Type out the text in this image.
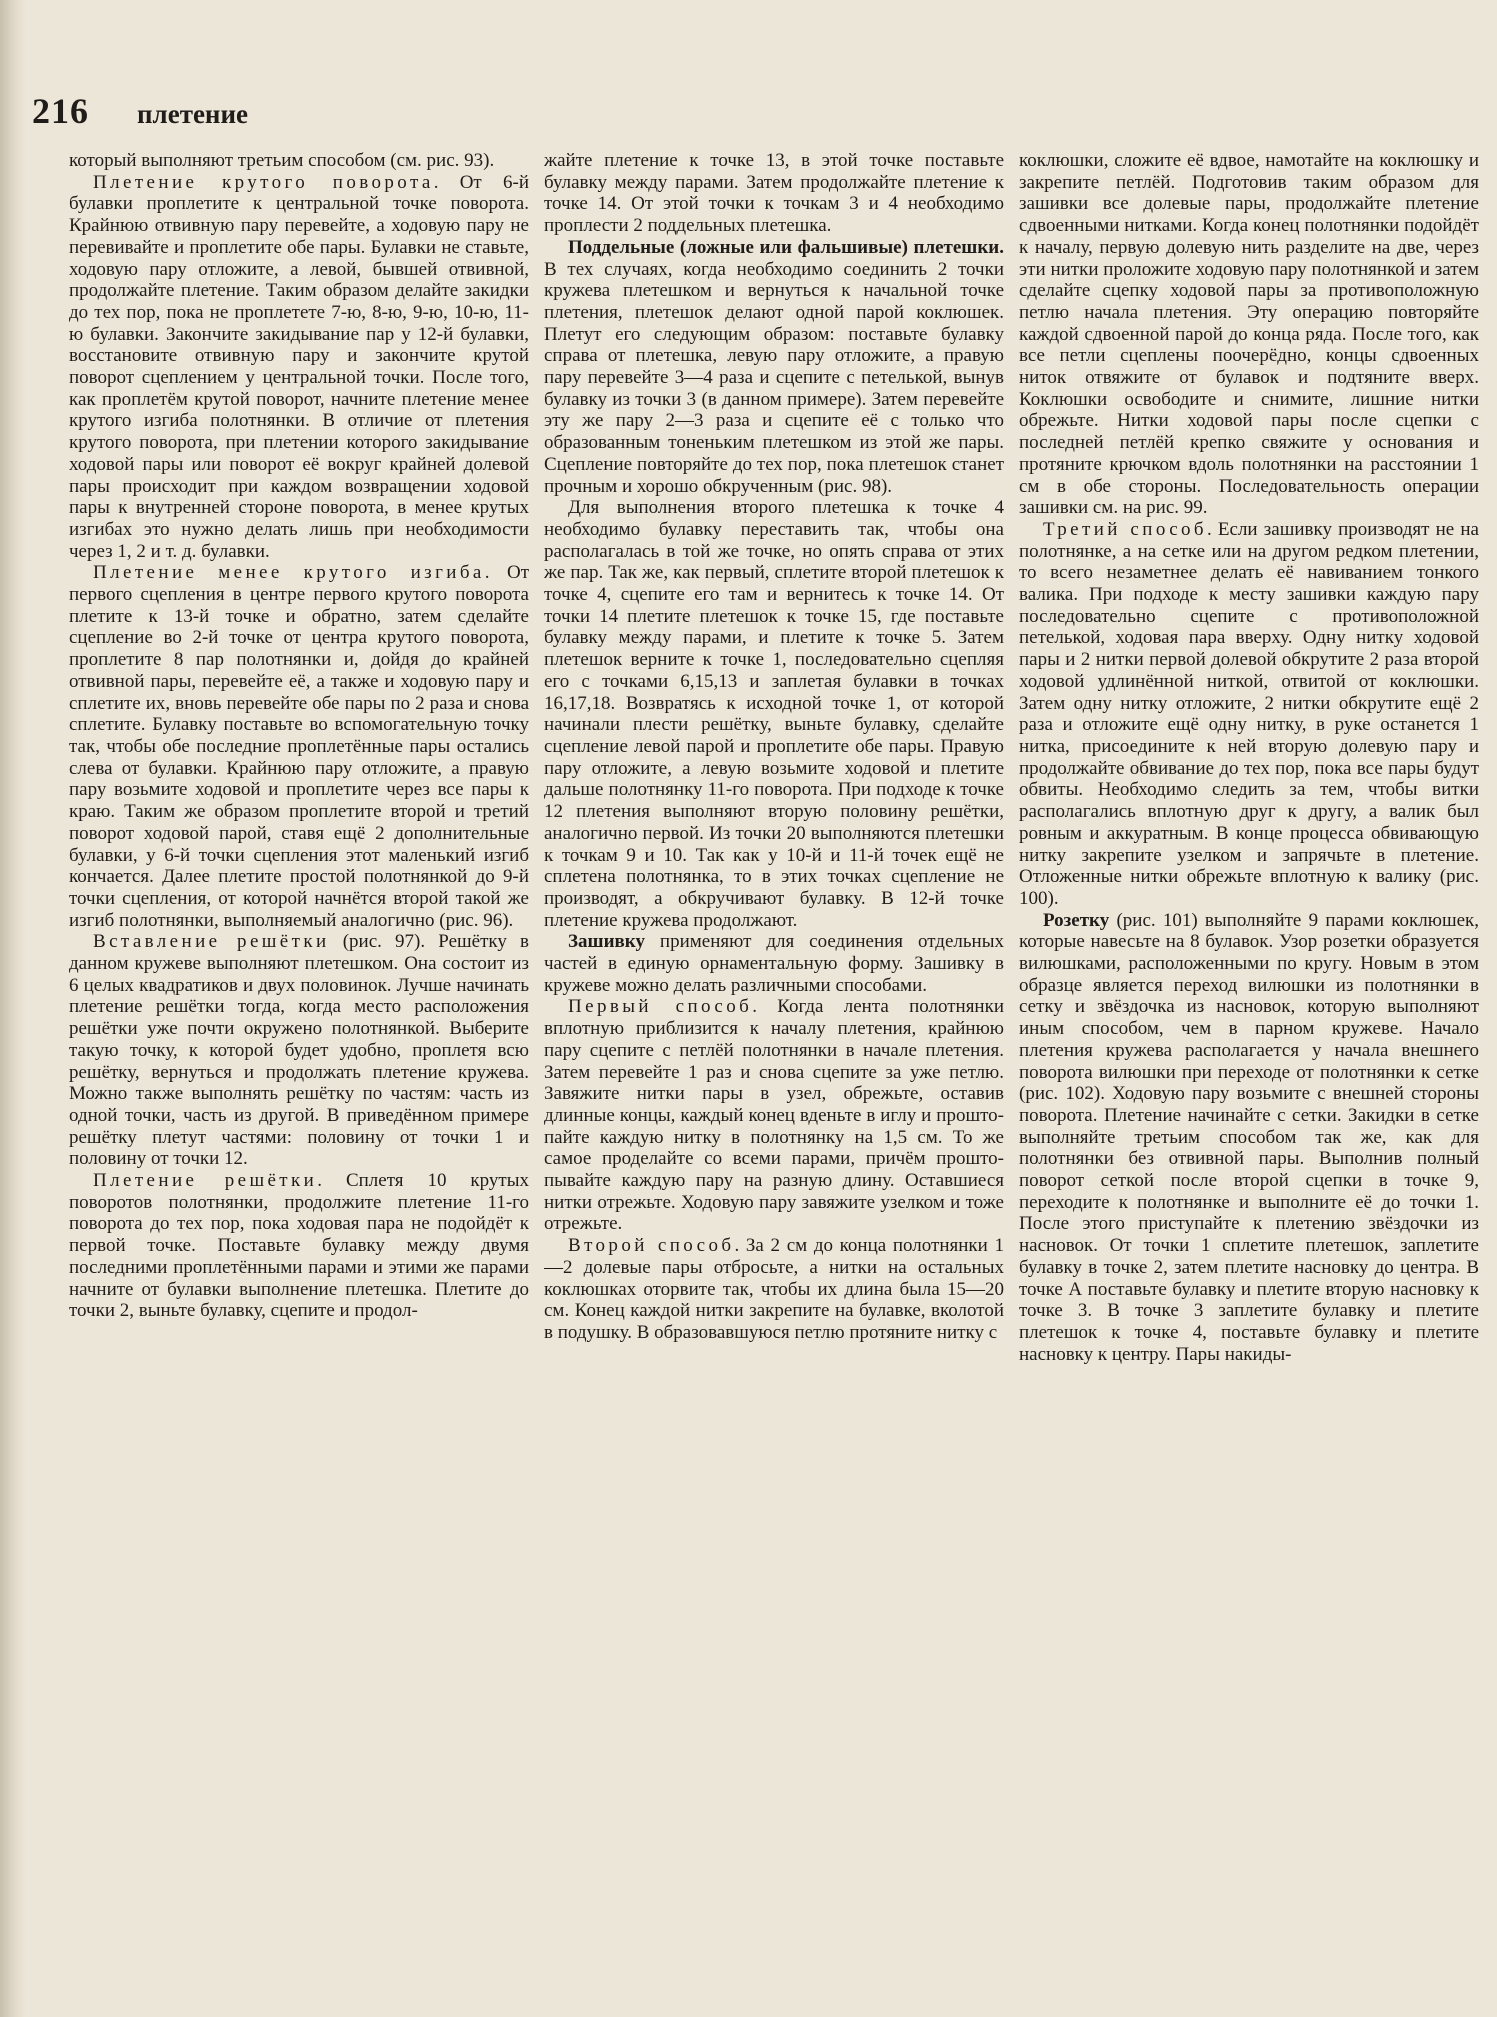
216 плетение

который выполняют третьим способом (см. рис. 93).

Плетение крутого поворота. От 6-й булавки проплетите к центральной точке поворота. Крайнюю отвивную пару перевейте, а ходовую пару не перевивайте и проплетите обе пары. Булавки не ставьте, ходовую пару отложите, а левой, бывшей отвивной, продолжайте плетение. Таким образом делайте закидки до тех пор, пока не проплетете 7-ю, 8-ю, 9-ю, 10-ю, 11-ю булавки. Закончите закидывание пар у 12-й булавки, восстановите отвивную пару и закончите крутой поворот сцеплением у центральной точки. После того, как проплетём крутой поворот, начните плетение менее крутого изгиба полотнянки. В отличие от плетения крутого поворота, при плетении которого закидывание ходовой пары или поворот её вокруг крайней долевой пары происходит при каждом возвращении ходовой пары к внутренней стороне поворота, в менее крутых изгибах это нужно делать лишь при необходимости через 1, 2 и т. д. булавки.

Плетение менее крутого изгиба. От первого сцепления в центре первого крутого поворота плетите к 13-й точке и обратно, затем сделайте сцепление во 2-й точке от центра крутого поворота, проплетите 8 пар полотнянки и, дойдя до крайней отвивной пары, перевейте её, а также и ходовую пару и сплетите их, вновь перевейте обе пары по 2 раза и снова сплетите. Булавку поставьте во вспомогательную точку так, чтобы обе последние проплетённые пары остались слева от булавки. Крайнюю пару отложите, а правую пару возьмите ходовой и проплетите через все пары к краю. Таким же образом проплетите второй и третий поворот ходовой парой, ставя ещё 2 дополнительные булавки, у 6-й точки сцепления этот маленький изгиб кончается. Далее плетите простой полотнянкой до 9-й точки сцепления, от которой начнётся второй такой же изгиб полотнянки, выполняемый аналогично (рис. 96).

Вставление решётки (рис. 97). Решётку в данном кружеве выполняют плетешком. Она состоит из 6 целых квадратиков и двух половинок. Лучше начинать плетение решётки тогда, когда место расположения решётки уже почти окружено полотнянкой. Выберите такую точку, к которой будет удобно, проплетя всю решётку, вернуться и продолжать плетение кружева. Можно также выполнять решётку по частям: часть из одной точки, часть из другой. В приведённом примере решётку плетут частями: половину от точки 1 и половину от точки 12.

Плетение решётки. Сплетя 10 крутых поворотов полотнянки, продолжите плетение 11-го поворота до тех пор, пока ходовая пара не подойдёт к первой точке. Поставьте булавку между двумя последними проплетёнными парами и этими же парами начните от булавки выполнение плетешка. Плетите до точки 2, выньте булавку, сцепите и продол-

жайте плетение к точке 13, в этой точке поставьте булавку между парами. Затем продолжайте плетение к точке 14. От этой точки к точкам 3 и 4 необходимо проплести 2 поддельных плетешка.

Поддельные (ложные или фальшивые) плетешки. В тех случаях, когда необходимо соединить 2 точки кружева плетешком и вернуться к начальной точке плетения, плетешок делают одной парой коклюшек. Плетут его следующим образом: поставьте булавку справа от плетешка, левую пару отложите, а правую пару перевейте 3—4 раза и сцепите с петелькой, вынув булавку из точки 3 (в данном примере). Затем перевейте эту же пару 2—3 раза и сцепите её с только что образованным тоненьким плетешком из этой же пары. Сцепление повторяйте до тех пор, пока плетешок станет прочным и хорошо обкрученным (рис. 98).

Для выполнения второго плетешка к точке 4 необходимо булавку переставить так, чтобы она располагалась в той же точке, но опять справа от этих же пар. Так же, как первый, сплетите второй плетешок к точке 4, сцепите его там и вернитесь к точке 14. От точки 14 плетите плетешок к точке 15, где поставьте булавку между парами, и плетите к точке 5. Затем плетешок верните к точке 1, последовательно сцепляя его с точками 6,15,13 и заплетая булавки в точках 16,17,18. Возвратясь к исходной точке 1, от которой начинали плести решётку, выньте булавку, сделайте сцепление левой парой и проплетите обе пары. Правую пару отложите, а левую возьмите ходовой и плетите дальше полотнянку 11-го поворота. При подходе к точке 12 плетения выполняют вторую половину решётки, аналогично первой. Из точки 20 выполняются плетешки к точкам 9 и 10. Так как у 10-й и 11-й точек ещё не сплетена полотнянка, то в этих точках сцепление не производят, а обкручивают булавку. В 12-й точке плетение кружева продолжают.

Зашивку применяют для соединения отдельных частей в единую орнаментальную форму. Зашивку в кружеве можно делать различными способами.

Первый способ. Когда лента полотнянки вплотную приблизится к началу плетения, крайнюю пару сцепите с петлёй полотнянки в начале плетения. Затем перевейте 1 раз и снова сцепите за уже петлю. Завяжите нитки пары в узел, обрежьте, оставив длинные концы, каждый конец вденьте в иглу и проштопайте каждую нитку в полотнянку на 1,5 см. То же самое проделайте со всеми парами, причём проштопывайте каждую пару на разную длину. Оставшиеся нитки отрежьте. Ходовую пару завяжите узелком и тоже отрежьте.

Второй способ. За 2 см до конца полотнянки 1—2 долевые пары отбросьте, а нитки на остальных коклюшках оторвите так, чтобы их длина была 15—20 см. Конец каждой нитки закрепите на булавке, вколотой в подушку. В образовавшуюся петлю протяните нитку с

коклюшки, сложите её вдвое, намотайте на коклюшку и закрепите петлёй. Подготовив таким образом для зашивки все долевые пары, продолжайте плетение сдвоенными нитками. Когда конец полотнянки подойдёт к началу, первую долевую нить разделите на две, через эти нитки проложите ходовую пару полотнянкой и затем сделайте сцепку ходовой пары за противоположную петлю начала плетения. Эту операцию повторяйте каждой сдвоенной парой до конца ряда. После того, как все петли сцеплены поочерёдно, концы сдвоенных ниток отвяжите от булавок и подтяните вверх. Коклюшки освободите и снимите, лишние нитки обрежьте. Нитки ходовой пары после сцепки с последней петлёй крепко свяжите у основания и протяните крючком вдоль полотнянки на расстоянии 1 см в обе стороны. Последовательность операции зашивки см. на рис. 99.

Третий способ. Если зашивку производят не на полотнянке, а на сетке или на другом редком плетении, то всего незаметнее делать её навиванием тонкого валика. При подходе к месту зашивки каждую пару последовательно сцепите с противоположной петелькой, ходовая пара вверху. Одну нитку ходовой пары и 2 нитки первой долевой обкрутите 2 раза второй ходовой удлинённой ниткой, отвитой от коклюшки. Затем одну нитку отложите, 2 нитки обкрутите ещё 2 раза и отложите ещё одну нитку, в руке останется 1 нитка, присоедините к ней вторую долевую пару и продолжайте обвивание до тех пор, пока все пары будут обвиты. Необходимо следить за тем, чтобы витки располагались вплотную друг к другу, а валик был ровным и аккуратным. В конце процесса обвивающую нитку закрепите узелком и запрячьте в плетение. Отложенные нитки обрежьте вплотную к валику (рис. 100).

Розетку (рис. 101) выполняйте 9 парами коклюшек, которые навесьте на 8 булавок. Узор розетки образуется вилюшками, расположенными по кругу. Новым в этом образце является переход вилюшки из полотнянки в сетку и звёздочка из насновок, которую выполняют иным способом, чем в парном кружеве. Начало плетения кружева располагается у начала внешнего поворота вилюшки при переходе от полотнянки к сетке (рис. 102). Ходовую пару возьмите с внешней стороны поворота. Плетение начинайте с сетки. Закидки в сетке выполняйте третьим способом так же, как для полотнянки без отвивной пары. Выполнив полный поворот сеткой после второй сцепки в точке 9, переходите к полотнянке и выполните её до точки 1. После этого приступайте к плетению звёздочки из насновок. От точки 1 сплетите плетешок, заплетите булавку в точке 2, затем плетите насновку до центра. В точке А поставьте булавку и плетите вторую насновку к точке 3. В точке 3 заплетите булавку и плетите плетешок к точке 4, поставьте булавку и плетите насновку к центру. Пары накиды-
